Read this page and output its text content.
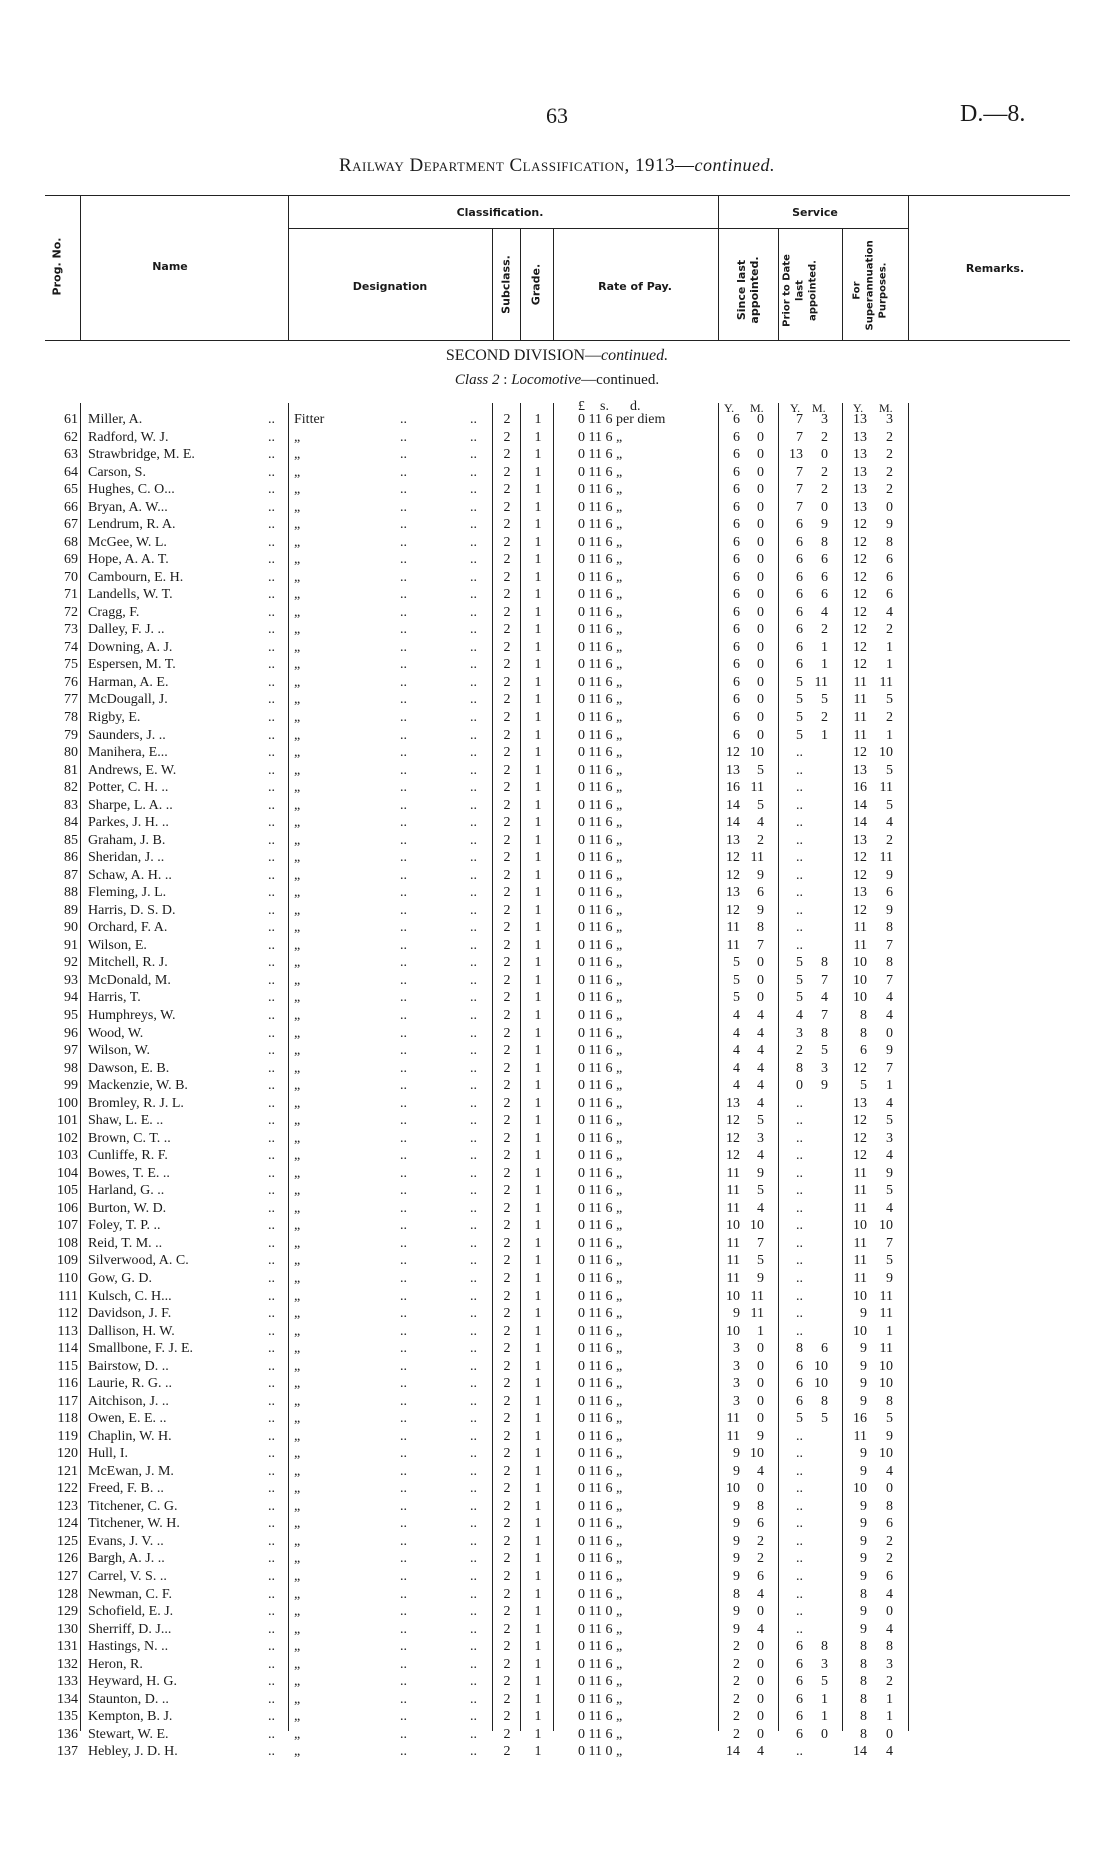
63	D.—8.
Railway Department Classification, 1913—continued.
Prog. No.	Name
Classification.
Designation	Subclass. Grade.	Rate of Pay.
Service
Since last appointed. Prior to Date last appointed.	For Superannuation Purposes.	Remarks.
SECOND DIVISION—continued.
Class 2 : Locomotive—continued.
£ s. d.	Y. M. Y. M. Y. M.
61 Miller, A.	.. Fitter	..	..	2	1	0 11 6 per diem	6	0	7	3	13	3
62 Radford, W. J.	.. „	..	..	2	1	0 11 6 „	6	0	7	2	13	2
63 Strawbridge, M. E.	.. „	..	..	2	1	0 11 6 „	6	0	13	0	13	2
64 Carson, S.	.. „	..	..	2	1	0 11 6 „	6	0	7	2	13	2
65 Hughes, C. O...	.. „	..	..	2	1	0 11 6 „	6	0	7	2	13	2
66 Bryan, A. W...	.. „	..	..	2	1	0 11 6 „	6	0	7	0	13	0
67 Lendrum, R. A.	.. „	..	..	2	1	0 11 6 „	6	0	6	9	12	9
68 McGee, W. L.	.. „	..	..	2	1	0 11 6 „	6	0	6	8	12	8
69 Hope, A. A. T.	.. „	..	..	2	1	0 11 6 „	6	0	6	6	12	6
70 Cambourn, E. H.	.. „	..	..	2	1	0 11 6 „	6	0	6	6	12	6
71 Landells, W. T.	.. „	..	..	2	1	0 11 6 „	6	0	6	6	12	6
72 Cragg, F.	.. „	..	..	2	1	0 11 6 „	6	0	6	4	12	4
73 Dalley, F. J. ..	.. „	..	..	2	1	0 11 6 „	6	0	6	2	12	2
74 Downing, A. J.	.. „	..	..	2	1	0 11 6 „	6	0	6	1	12	1
75 Espersen, M. T.	.. „	..	..	2	1	0 11 6 „	6	0	6	1	12	1
76 Harman, A. E.	.. „	..	..	2	1	0 11 6 „	6	0	5 11	11 11
77 McDougall, J.	.. „	..	..	2	1	0 11 6 „	6	0	5	5	11	5
78 Rigby, E.	.. „	..	..	2	1	0 11 6 „	6	0	5	2	11	2
79 Saunders, J. ..	.. „	..	..	2	1	0 11 6 „	6	0	5	1	11	1
80 Manihera, E...	.. „	..	..	2	1	0 11 6 „	12 10	..	12 10
81 Andrews, E. W.	.. „	..	..	2	1	0 11 6 „	13	5	..	13	5
82 Potter, C. H. ..	.. „	..	..	2	1	0 11 6 „	16 11	..	16 11
83 Sharpe, L. A. ..	.. „	..	..	2	1	0 11 6 „	14	5	..	14	5
84 Parkes, J. H. ..	.. „	..	..	2	1	0 11 6 „	14	4	..	14	4
85 Graham, J. B.	.. „	..	..	2	1	0 11 6 „	13	2	..	13	2
86 Sheridan, J. ..	.. „	..	..	2	1	0 11 6 „	12 11	..	12 11
87 Schaw, A. H. ..	.. „	..	..	2	1	0 11 6 „	12	9	..	12	9
88 Fleming, J. L.	.. „	..	..	2	1	0 11 6 „	13	6	..	13	6
89 Harris, D. S. D.	.. „	..	..	2	1	0 11 6 „	12	9	..	12	9
90 Orchard, F. A.	.. „	..	..	2	1	0 11 6 „	11	8	..	11	8
91 Wilson, E.	.. „	..	..	2	1	0 11 6 „	11	7	..	11	7
92 Mitchell, R. J.	.. „	..	..	2	1	0 11 6 „	5	0	5	8	10	8
93 McDonald, M.	.. „	..	..	2	1	0 11 6 „	5	0	5	7	10	7
94 Harris, T.	.. „	..	..	2	1	0 11 6 „	5	0	5	4	10	4
95 Humphreys, W.	.. „	..	..	2	1	0 11 6 „	4	4	4	7	8	4
96 Wood, W.	.. „	..	..	2	1	0 11 6 „	4	4	3	8	8	0
97 Wilson, W.	.. „	..	..	2	1	0 11 6 „	4	4	2	5	6	9
98 Dawson, E. B.	.. „	..	..	2	1	0 11 6 „	4	4	8	3	12	7
99 Mackenzie, W. B.	.. „	..	..	2	1	0 11 6 „	4	4	0	9	5	1
100 Bromley, R. J. L.	.. „	..	..	2	1	0 11 6 „	13	4	..	13	4
101 Shaw, L. E. ..	.. „	..	..	2	1	0 11 6 „	12	5	..	12	5
102 Brown, C. T. ..	.. „	..	..	2	1	0 11 6 „	12	3	..	12	3
103 Cunliffe, R. F.	.. „	..	..	2	1	0 11 6 „	12	4	..	12	4
104 Bowes, T. E. ..	.. „	..	..	2	1	0 11 6 „	11	9	..	11	9
105 Harland, G. ..	.. „	..	..	2	1	0 11 6 „	11	5	..	11	5
106 Burton, W. D.	.. „	..	..	2	1	0 11 6 „	11	4	..	11	4
107 Foley, T. P. ..	.. „	..	..	2	1	0 11 6 „	10 10	..	10 10
108 Reid, T. M. ..	.. „	..	..	2	1	0 11 6 „	11	7	..	11	7
109 Silverwood, A. C.	.. „	..	..	2	1	0 11 6 „	11	5	..	11	5
110 Gow, G. D.	.. „	..	..	2	1	0 11 6 „	11	9	..	11	9
111 Kulsch, C. H...	.. „	..	..	2	1	0 11 6 „	10 11	..	10 11
112 Davidson, J. F.	.. „	..	..	2	1	0 11 6 „	9 11	..	9 11
113 Dallison, H. W.	.. „	..	..	2	1	0 11 6 „	10	1	..	10	1
114 Smallbone, F. J. E.	.. „	..	..	2	1	0 11 6 „	3	0	8	6	9 11
115 Bairstow, D. ..	.. „	..	..	2	1	0 11 6 „	3	0	6 10	9 10
116 Laurie, R. G. ..	.. „	..	..	2	1	0 11 6 „	3	0	6 10	9 10
117 Aitchison, J. ..	.. „	..	..	2	1	0 11 6 „	3	0	6	8	9	8
118 Owen, E. E. ..	.. „	..	..	2	1	0 11 6 „	11	0	5	5	16	5
119 Chaplin, W. H.	.. „	..	..	2	1	0 11 6 „	11	9	..	11	9
120 Hull, I.	.. „	..	..	2	1	0 11 6 „	9 10	..	9 10
121 McEwan, J. M.	.. „	..	..	2	1	0 11 6 „	9	4	..	9	4
122 Freed, F. B. ..	.. „	..	..	2	1	0 11 6 „	10	0	..	10	0
123 Titchener, C. G.	.. „	..	..	2	1	0 11 6 „	9	8	..	9	8
124 Titchener, W. H.	.. „	..	..	2	1	0 11 6 „	9	6	..	9	6
125 Evans, J. V. ..	.. „	..	..	2	1	0 11 6 „	9	2	..	9	2
126 Bargh, A. J. ..	.. „	..	..	2	1	0 11 6 „	9	2	..	9	2
127 Carrel, V. S. ..	.. „	..	..	2	1	0 11 6 „	9	6	..	9	6
128 Newman, C. F.	.. „	..	..	2	1	0 11 6 „	8	4	..	8	4
129 Schofield, E. J.	.. „	..	..	2	1	0 11 0 „	9	0	..	9	0
130 Sherriff, D. J...	.. „	..	..	2	1	0 11 6 „	9	4	..	9	4
131 Hastings, N. ..	.. „	..	..	2	1	0 11 6 „	2	0	6	8	8	8
132 Heron, R.	.. „	..	..	2	1	0 11 6 „	2	0	6	3	8	3
133 Heyward, H. G.	.. „	..	..	2	1	0 11 6 „	2	0	6	5	8	2
134 Staunton, D. ..	.. „	..	..	2	1	0 11 6 „	2	0	6	1	8	1
135 Kempton, B. J.	.. „	..	..	2	1	0 11 6 „	2	0	6	1	8	1
136 Stewart, W. E.	.. „	..	..	2	1	0 11 6 „	2	0	6	0	8	0
137 Hebley, J. D. H.	.. „	..	..	2	1	0 11 0 „	14	4	..	14	4
